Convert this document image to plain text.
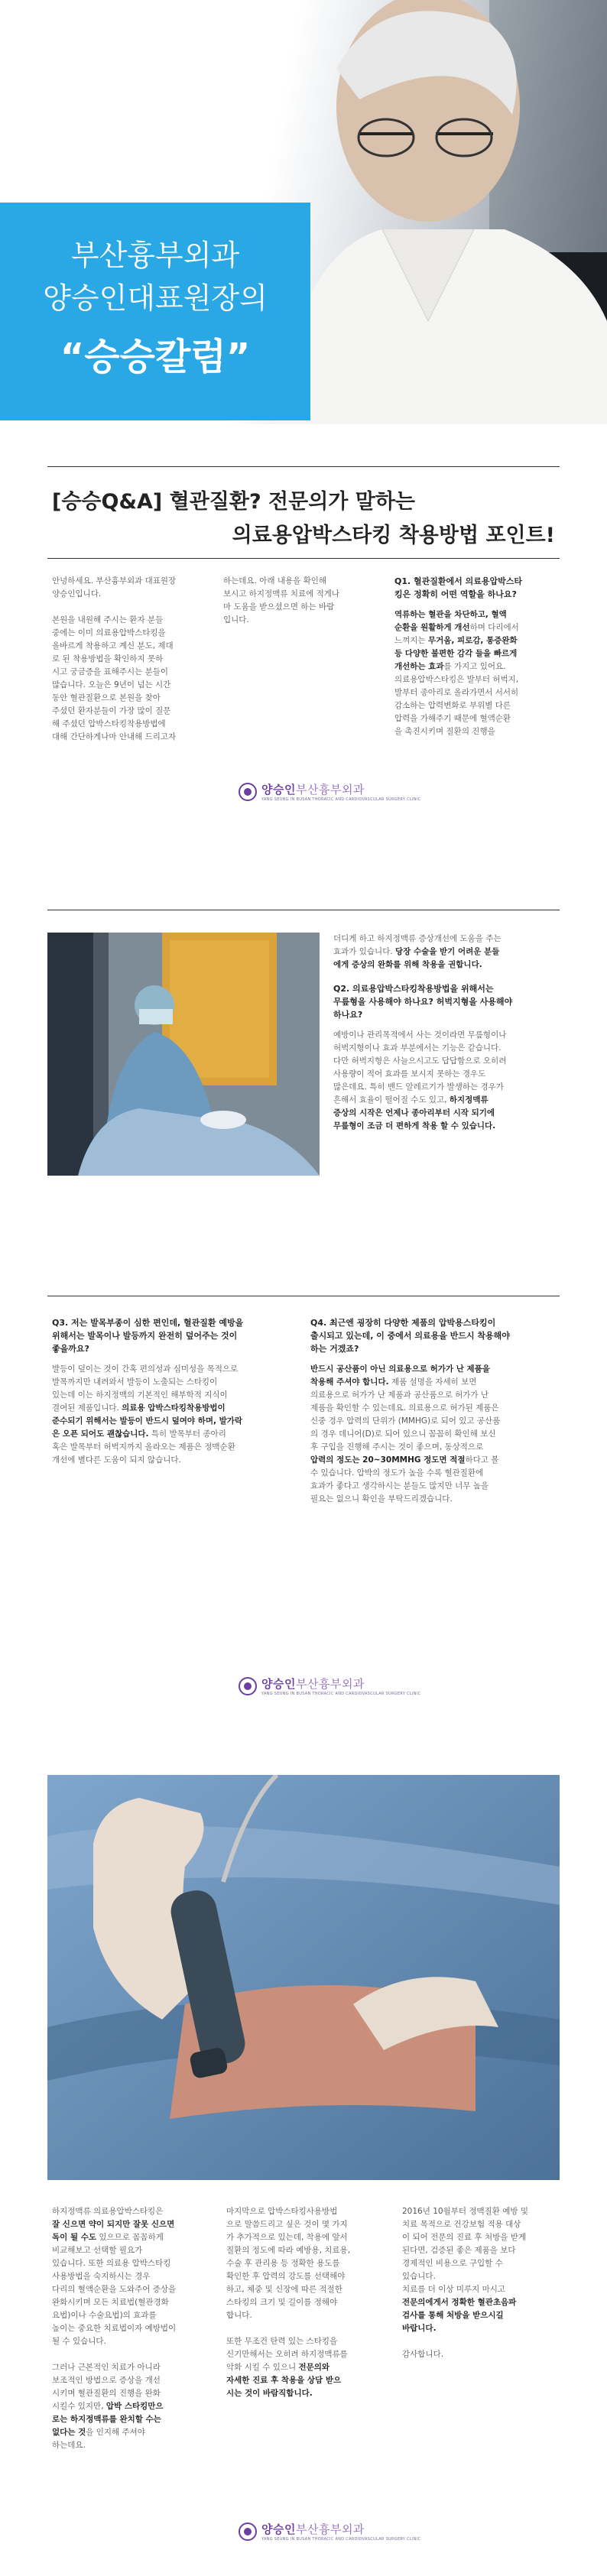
부산흉부외과
양승인대표원장의
“승승칼럼”
[승승Q&A] 혈관질환? 전문의가 말하는
의료용압박스타킹 착용방법 포인트!

안녕하세요. 부산흉부외과 대표원장
양승인입니다.

본원을 내원해 주시는 환자 분들
중에는 이미 의료용압박스타킹을
올바르게 착용하고 계신 분도, 제대
로 된 착용방법을 확인하지 못하
시고 궁금증을 표해주시는 분들이
많습니다. 오늘은 9년이 넘는 시간
동안 혈관질환으로 본원을 찾아
주셨던 환자분들이 가장 많이 질문
해 주셨던 압박스타킹착용방법에
대해 간단하게나마 안내해 드리고자

하는데요. 아래 내용을 확인해
보시고 하지정맥류 치료에 적게나
마 도움을 받으셨으면 하는 바람
입니다.

Q1. 혈관질환에서 의료용압박스타
킹은 정확히 어떤 역할을 하나요?

역류하는 혈관을 차단하고, 혈액
순환을 원활하게 개선하며 다리에서
느껴지는 무거움, 피로감, 통증완화
등 다양한 불편한 감각 들을 빠르게
개선하는 효과를 가지고 있어요.
의료용압박스타킹은 발부터 허벅지,
발부터 종아리로 올라가면서 서서히
감소하는 압력변화로 부위별 다른
압력을 가해주기 때문에 혈액순환
을 촉진시키며 질환의 진행을

양승인부산흉부외과
YANG SEUNG IN BUSAN THORACIC AND CARDIOVASCULAR SURGERY CLINIC

더디게 하고 하지정맥류 증상개선에 도움을 주는
효과가 있습니다. 당장 수술을 받기 어려운 분들
에게 증상의 완화를 위해 착용을 권합니다.

Q2. 의료용압박스타킹착용방법을 위해서는
무릎형을 사용해야 하나요? 허벅지형을 사용해야
하나요?

예방이나 관리목적에서 사는 것이라면 무릎형이나
허벅지형이나 효과 부분에서는 기능은 같습니다.
다만 허벅지형은 사늘으시고도 답답함으로 오히려
사용량이 적어 효과를 보시지 못하는 경우도
많은데요. 특히 밴드 알레르기가 발생하는 경우가
흔해서 효율이 떨어질 수도 있고, 하지정맥류
증상의 시작은 언제나 종아리부터 시작 되기에
무릎형이 조금 더 편하게 착용 할 수 있습니다.

Q3. 저는 발목부종이 심한 편인데, 혈관질환 예방을
위해서는 발목이나 발등까지 완전히 덮어주는 것이
좋을까요?

발등이 덮이는 것이 간혹 편의성과 심미성을 목적으로
발목까지만 내려와서 발등이 노출되는 스타킹이
있는데 이는 하지정맥의 기본적인 해부학적 지식이
결여된 제품입니다. 의료용 압박스타킹착용방법이
준수되기 위해서는 발등이 반드시 덮여야 하며, 발가락
은 오픈 되어도 괜찮습니다. 특히 발목부터 종아리
혹은 발목부터 허벅지까지 올라오는 제품은 정맥순환
개선에 별다른 도움이 되지 않습니다.

Q4. 최근엔 굉장히 다양한 제품의 압박용스타킹이
출시되고 있는데, 이 중에서 의료용을 반드시 착용해야
하는 거겠죠?

반드시 공산품이 아닌 의료용으로 허가가 난 제품을
착용해 주셔야 합니다. 제품 설명을 자세히 보면
의료용으로 허가가 난 제품과 공산품으로 허가가 난
제품을 확인할 수 있는데요. 의료용으로 허가된 제품은
신중 경우 압력의 단위가 (MMHG)로 되어 있고 공산품
의 경우 데니어(D)로 되어 있으니 꼼꼼히 확인해 보신
후 구입을 진행해 주시는 것이 좋으며, 동상적으로
압력의 정도는 20~30MMHG 정도면 적절하다고 볼
수 있습니다. 압박의 정도가 높을 수록 혈관질환에
효과가 좋다고 생각하시는 분들도 많지만 너무 높을
필요는 없으니 확인을 부탁드리겠습니다.

양승인부산흉부외과
YANG SEUNG IN BUSAN THORACIC AND CARDIOVASCULAR SURGERY CLINIC

하지정맥류 의료용압박스타킹은
잘 신으면 약이 되지만 잘못 신으면
독이 될 수도 있으므로 꼼꼼하게
비교해보고 선택할 필요가
있습니다. 또한 의료용 압박스타킹
사용방법을 숙지하시는 경우
다리의 혈액순환을 도와주어 증상을
완화시키며 모든 치료법(혈관경화
요법)이나 수술요법)의 효과를
높이는 중요한 치료법이자 예방법이
될 수 있습니다.

그러나 근본적인 치료가 아니라
보조적인 방법으로 증상을 개선
시키며 혈관질환의 진행을 완화
시킬수 있지만, 압박 스타킹만으
로는 하지정맥류를 완치할 수는
없다는 것을 인지해 주셔야
하는데요.

마지막으로 압박스타킹사용방법
으로 말씀드리고 싶은 것이 몇 가지
가 추가적으로 있는데, 착용에 앞서
질환의 정도에 따라 예방용, 치료용,
수술 후 관리용 등 정확한 용도를
확인한 후 압력의 강도를 선택해야
하고, 체중 및 신장에 따른 적절한
스타킹의 크기 및 길이를 정해야
합니다.

또한 무조건 탄력 있는 스타킹을
신기만해서는 오히려 하지정맥류를
악화 시킬 수 있으니 전문의와
자세한 진료 후 착용을 상담 받으
시는 것이 바람직합니다.

2016년 10월부터 정맥질환 예방 및
치료 목적으로 건강보험 적용 대상
이 되어 전문의 진료 후 처방을 받게
된다면, 검증된 좋은 제품을 보다
경제적인 비용으로 구입할 수
있습니다.
치료를 더 이상 미루지 마시고
전문의에게서 정확한 혈관초음파
검사를 통해 처방을 받으시길
바랍니다.

감사합니다.

양승인부산흉부외과
YANG SEUNG IN BUSAN THORACIC AND CARDIOVASCULAR SURGERY CLINIC
